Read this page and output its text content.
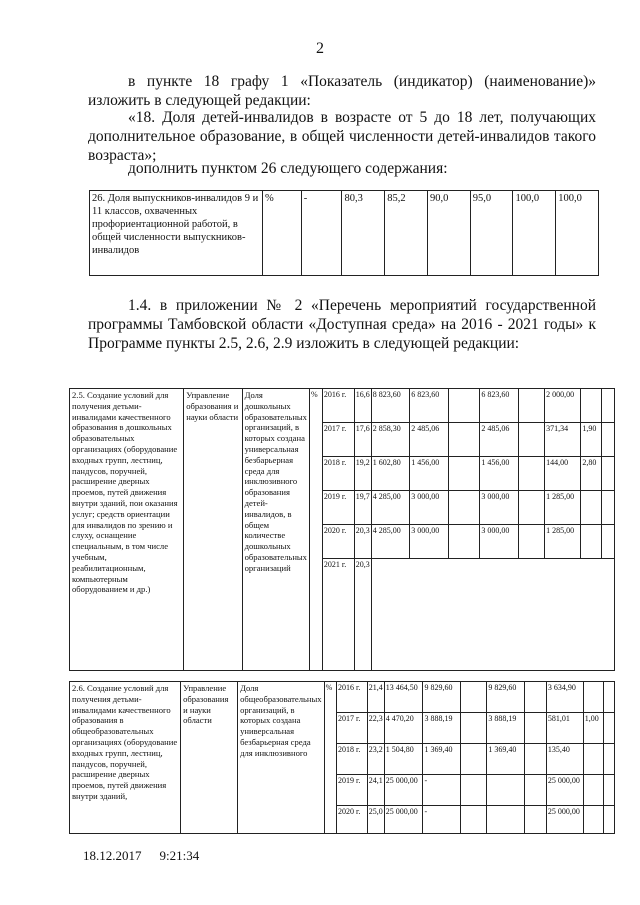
2
в пункте 18 графу 1 «Показатель (индикатор) (наименование)» изложить в следующей редакции:
«18. Доля детей-инвалидов в возрасте от 5 до 18 лет, получающих дополнительное образование, в общей численности детей-инвалидов такого возраста»;
дополнить пунктом 26 следующего содержания:
26. Доля выпускников-инвалидов 9 и 11 классов, охваченных профориентационной работой, в общей численности выпускников-инвалидов	%	-	80,3	85,2	90,0	95,0	100,0	100,0
1.4. в приложении № 2 «Перечень мероприятий государственной программы Тамбовской области «Доступная среда» на 2016 - 2021 годы» к Программе пункты 2.5, 2.6, 2.9 изложить в следующей редакции:
2.5. Создание условий для получения детьми-инвалидами качественного образования в дошкольных образовательных организациях (оборудование входных групп, лестниц, пандусов, поручней, расширение дверных проемов, путей движения внутри зданий, пои оказания услуг; средств ориентации для инвалидов по зрению и слуху, оснащение специальным, в том числе учебным, реабилитационным, компьютерным оборудованием и др.)	Управление образования и науки области	Доля дошкольных образовательных организаций, в которых создана универсальная безбарьерная среда для инклюзивного образования детей-инвалидов, в общем количестве дошкольных образовательных организаций	%	2016 г.	16,6	8 823,60	6 823,60		6 823,60		2 000,00		
				2017 г.	17,6	2 858,30	2 485,06		2 485,06		371,34	1,90	
				2018 г.	19,2	1 602,80	1 456,00		1 456,00		144,00	2,80	
				2019 г.	19,7	4 285,00	3 000,00		3 000,00		1 285,00		
				2020 г.	20,3	4 285,00	3 000,00		3 000,00		1 285,00		
				2021 г.	20,3								
2.6. Создание условий для получения детьми-инвалидами качественного образования в общеобразовательных организациях (оборудование входных групп, лестниц, пандусов, поручней, расширение дверных проемов, путей движения внутри зданий,	Управление образования и науки области	Доля общеобразовательных организаций, в которых создана универсальная безбарьерная среда для инклюзивного	%	2016 г.	21,4	13 464,50	9 829,60		9 829,60		3 634,90		
				2017 г.	22,3	4 470,20	3 888,19		3 888,19		581,01	1,00	
				2018 г.	23,2	1 504,80	1 369,40		1 369,40		135,40		
				2019 г.	24,1	25 000,00	-				25 000,00		
				2020 г.	25,0	25 000,00	-				25 000,00		
18.12.2017 9:21:34
